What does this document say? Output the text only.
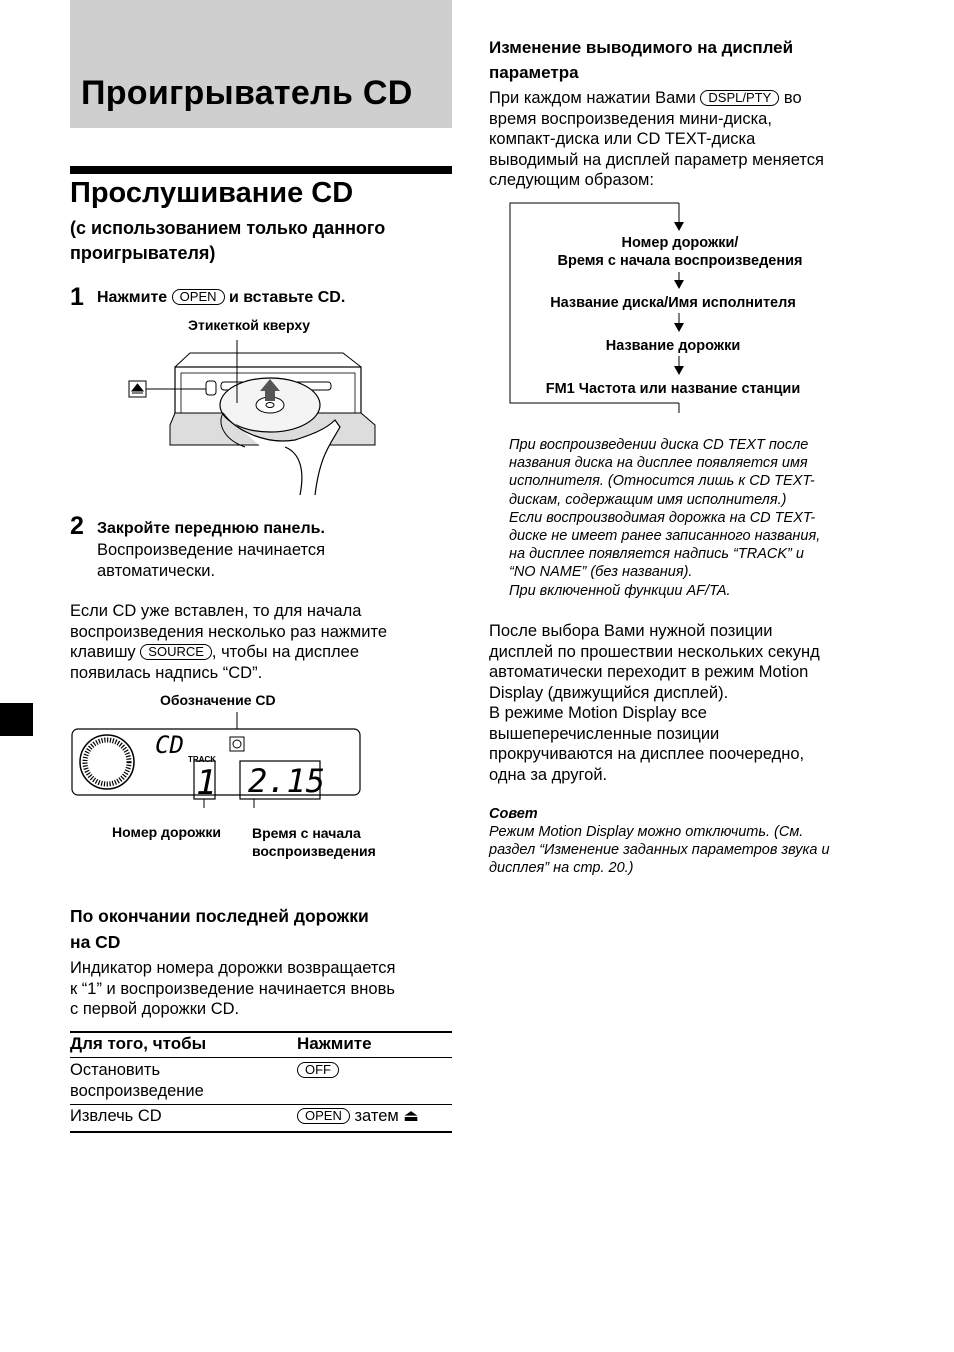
Проигрыватель CD
Прослушивание CD
(с использованием только данного проигрывателя)
1 Нажмите OPEN и вставьте CD.
Этикеткой кверху
2 Закройте переднюю панель.
Воспроизведение начинается
автоматически.
Если CD уже вставлен, то для начала
воспроизведения несколько раз нажмите
клавишу SOURCE , чтобы на дисплее
появилась надпись “CD”.
Обозначение CD
CD
TRACK
1 2.15
Номер дорожки Время с начала
воспроизведения
По окончании последней дорожки
на CD
Индикатор номера дорожки возвращается
к “1” и воспроизведение начинается вновь
с первой дорожки CD.
Для того, чтобы	Нажмите
Остановить
воспроизведение
OFF
Извлечь CD	OPEN затем ⏏
Изменение выводимого на дисплей
параметра
При каждом нажатии Вами DSPL/PTY во
время воспроизведения мини-диска,
компакт-диска или CD TEXT-диска
выводимый на дисплей параметр меняется
следующим образом:
Номер дорожки/
Время с начала воспроизведения
Название диска/Имя исполнителя
Название дорожки
FM1 Частота или название станции
При воспроизведении диска CD TEXT после
названия диска на дисплее появляется имя
исполнителя. (Относится лишь к CD TEXT-
дискам, содержащим имя исполнителя.)
Если воспроизводимая дорожка на CD TEXT-
диске не имеет ранее записанного названия,
на дисплее появляется надпись “TRACK” и
“NO NAME” (без названия).
При включенной функции AF/TA.
После выбора Вами нужной позиции
дисплей по прошествии нескольких секунд
автоматически переходит в режим Motion
Display (движущийся дисплей).
В режиме Motion Display все
вышеперечисленные позиции
прокручиваются на дисплее поочередно,
одна за другой.
Совет
Режим Motion Display можно отключить. (См.
раздел “Изменение заданных параметров звука и
дисплея” на стр. 20.)
